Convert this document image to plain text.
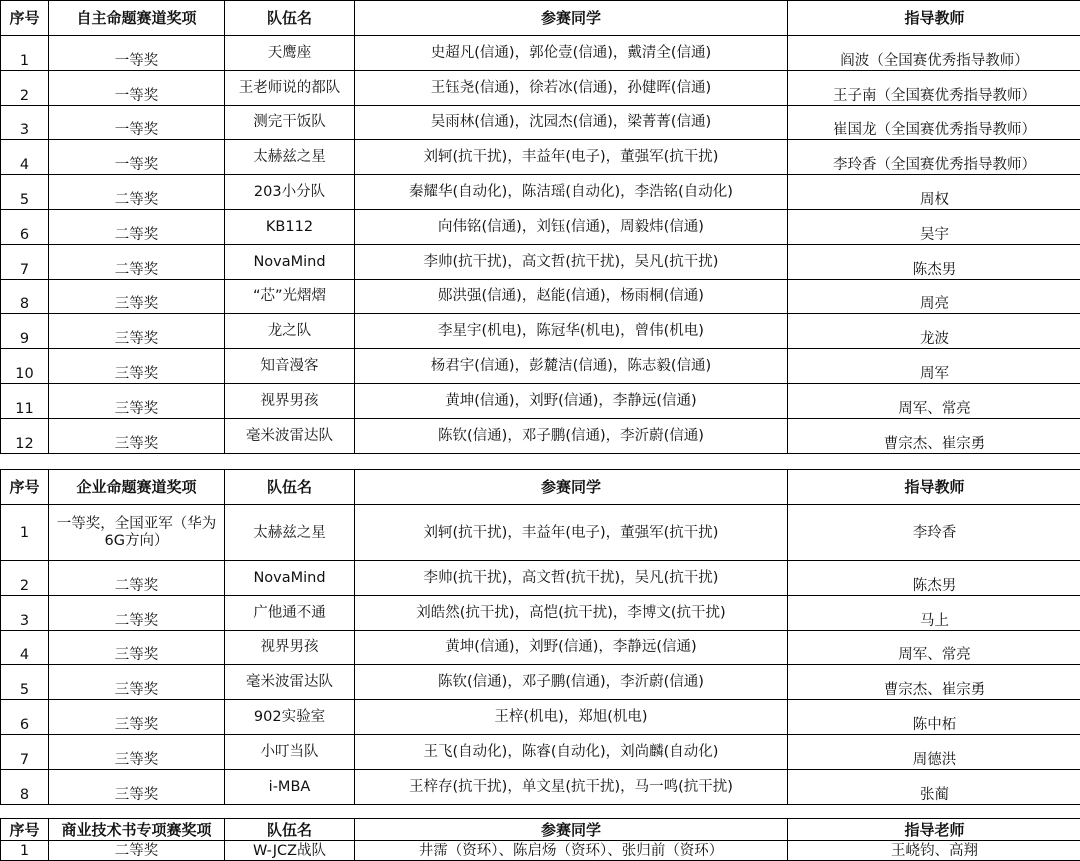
序号	自主命题赛道奖项	队伍名	参赛同学	指导教师
1	一等奖	天鹰座	史超凡(信通)，郭伦壹(信通)，戴清全(信通)	阎波（全国赛优秀指导教师）
2	一等奖	王老师说的都队	王钰尧(信通)，徐若冰(信通)，孙健晖(信通)	王子南（全国赛优秀指导教师）
3	一等奖	测完干饭队	吴雨林(信通)，沈园杰(信通)，梁菁菁(信通)	崔国龙（全国赛优秀指导教师）
4	一等奖	太赫兹之星	刘轲(抗干扰)，丰益年(电子)，董强军(抗干扰)	李玲香（全国赛优秀指导教师）
5	二等奖	203小分队	秦耀华(自动化)，陈洁瑶(自动化)，李浩铭(自动化)	周权
6	二等奖	KB112	向伟铭(信通)，刘钰(信通)，周毅炜(信通)	吴宇
7	二等奖	NovaMind	李帅(抗干扰)，高文哲(抗干扰)，吴凡(抗干扰)	陈杰男
8	三等奖	“芯”光熠熠	郧洪强(信通)，赵能(信通)，杨雨桐(信通)	周亮
9	三等奖	龙之队	李星宇(机电)，陈冠华(机电)，曾伟(机电)	龙波
10	三等奖	知音漫客	杨君宇(信通)，彭麓洁(信通)，陈志毅(信通)	周军
11	三等奖	视界男孩	黄坤(信通)，刘野(信通)，李静远(信通)	周军、常亮
12	三等奖	毫米波雷达队	陈钦(信通)，邓子鹏(信通)，李沂蔚(信通)	曹宗杰、崔宗勇
序号	企业命题赛道奖项	队伍名	参赛同学	指导教师
1	一等奖，全国亚军（华为6G方向）	太赫兹之星	刘轲(抗干扰)，丰益年(电子)，董强军(抗干扰)	李玲香
2	二等奖	NovaMind	李帅(抗干扰)，高文哲(抗干扰)，吴凡(抗干扰)	陈杰男
3	二等奖	广他通不通	刘皓然(抗干扰)，高恺(抗干扰)，李博文(抗干扰)	马上
4	三等奖	视界男孩	黄坤(信通)，刘野(信通)，李静远(信通)	周军、常亮
5	三等奖	毫米波雷达队	陈钦(信通)，邓子鹏(信通)，李沂蔚(信通)	曹宗杰、崔宗勇
6	三等奖	902实验室	王梓(机电)，郑旭(机电)	陈中柘
7	三等奖	小叮当队	王飞(自动化)，陈睿(自动化)，刘尚麟(自动化)	周德洪
8	三等奖	i-MBA	王梓存(抗干扰)，单文星(抗干扰)，马一鸣(抗干扰)	张蔺
序号	商业技术书专项赛奖项	队伍名	参赛同学	指导老师
1	二等奖	W-JCZ战队	井霈（资环）、陈启炀（资环）、张归前（资环）	王峣钧、高翔
